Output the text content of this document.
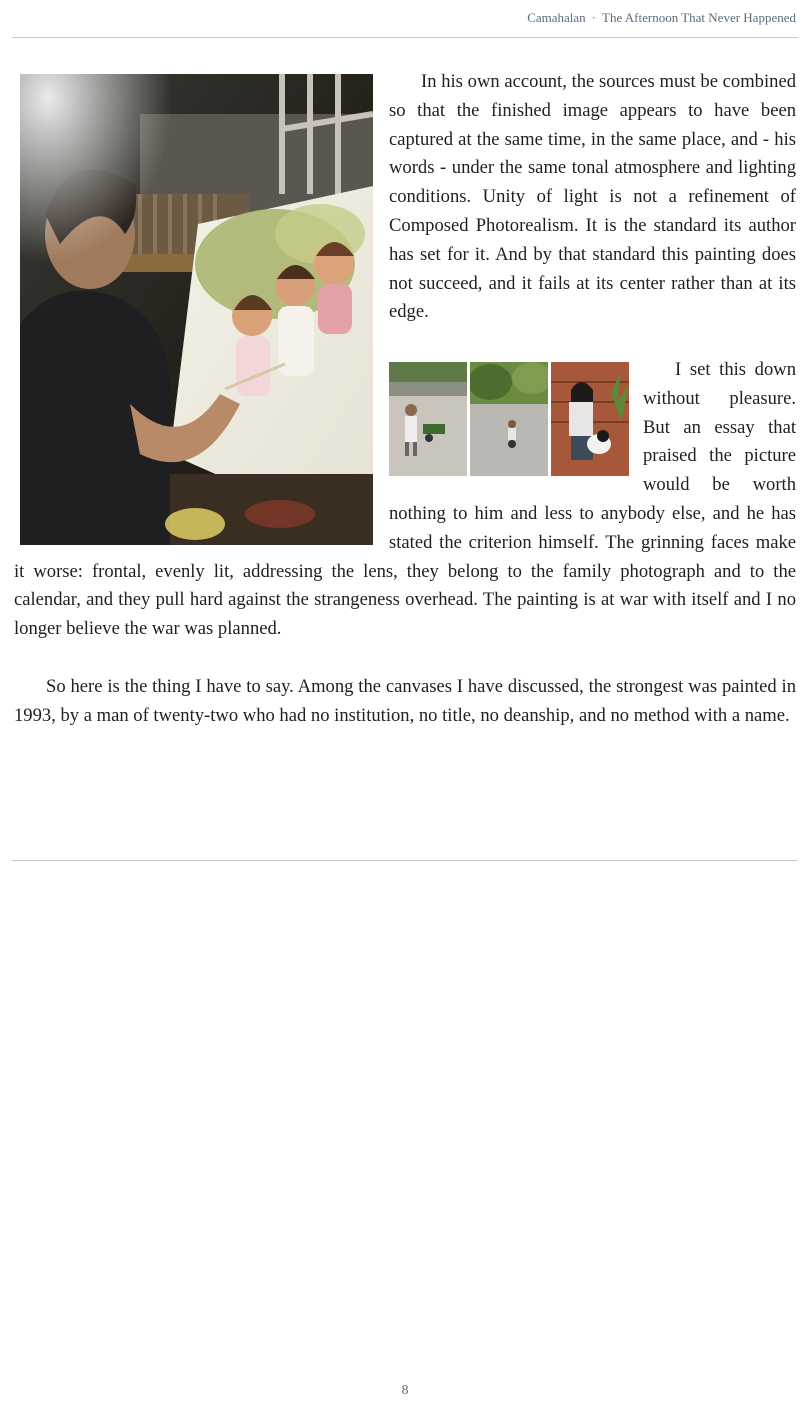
Camahalan · The Afternoon That Never Happened

In his own account, the sources must be combined so that the finished image appears to have been captured at the same time, in the same place, and - his words - under the same tonal atmosphere and lighting conditions. Unity of light is not a refinement of Composed Photorealism. It is the standard its author has set for it. And by that standard this painting does not succeed, and it fails at its center rather than at its edge.

I set this down without pleasure. But an essay that praised the picture would be worth nothing to him and less to anybody else, and he has stated the criterion himself. The grinning faces make it worse: frontal, evenly lit, addressing the lens, they belong to the family photograph and to the calendar, and they pull hard against the strangeness overhead. The painting is at war with itself and I no longer believe the war was planned.

So here is the thing I have to say. Among the canvases I have discussed, the strongest was painted in 1993, by a man of twenty-two who had no institution, no title, no deanship, and no method with a name.

8
